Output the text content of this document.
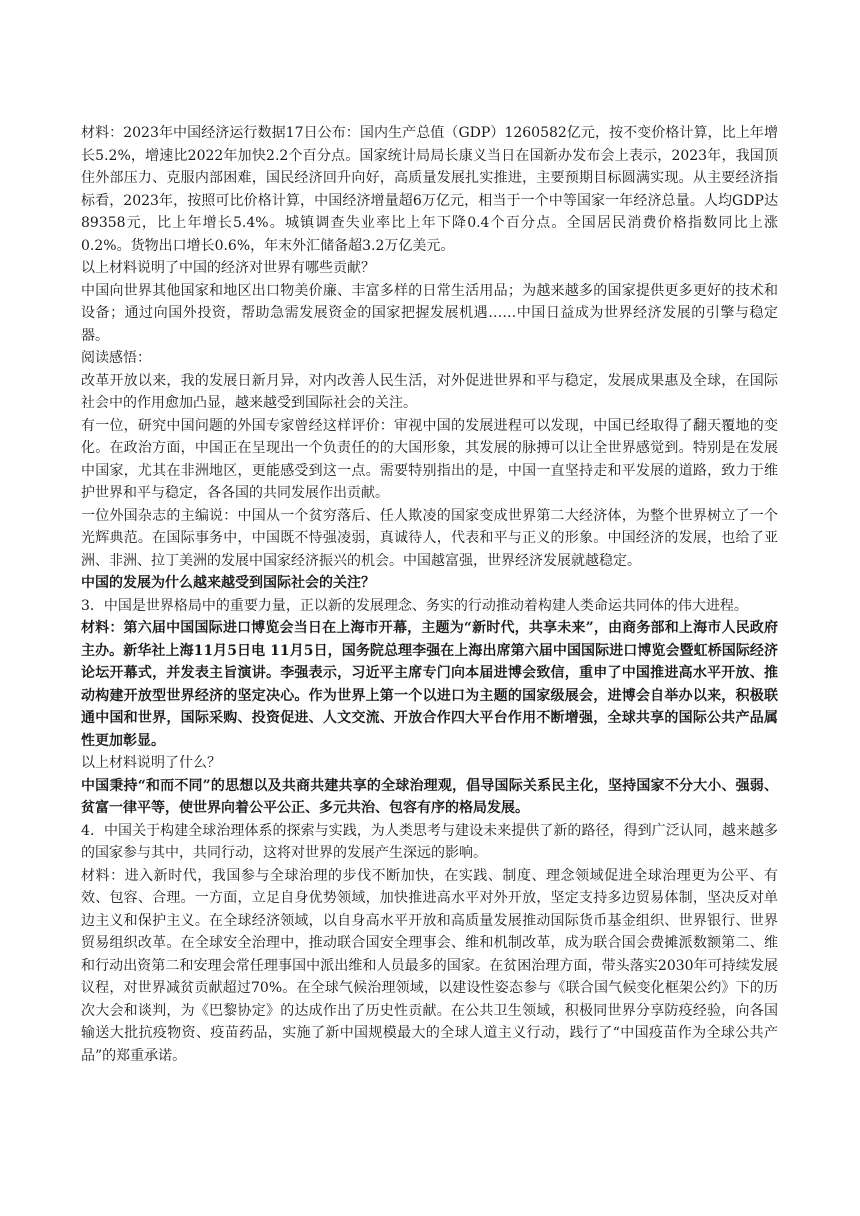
材料：2023年中国经济运行数据17日公布：国内生产总值（GDP）1260582亿元，按不变价格计算，比上年增长5.2%，增速比2022年加快2.2个百分点。国家统计局局长康义当日在国新办发布会上表示，2023年，我国顶住外部压力、克服内部困难，国民经济回升向好，高质量发展扎实推进，主要预期目标圆满实现。从主要经济指标看，2023年，按照可比价格计算，中国经济增量超6万亿元，相当于一个中等国家一年经济总量。人均GDP达89358元，比上年增长5.4%。城镇调查失业率比上年下降0.4个百分点。全国居民消费价格指数同比上涨0.2%。货物出口增长0.6%，年末外汇储备超3.2万亿美元。

以上材料说明了中国的经济对世界有哪些贡献？

中国向世界其他国家和地区出口物美价廉、丰富多样的日常生活用品；为越来越多的国家提供更多更好的技术和设备；通过向国外投资，帮助急需发展资金的国家把握发展机遇……中国日益成为世界经济发展的引擎与稳定器。

阅读感悟：

改革开放以来，我的发展日新月异，对内改善人民生活，对外促进世界和平与稳定，发展成果惠及全球，在国际社会中的作用愈加凸显，越来越受到国际社会的关注。

有一位，研究中国问题的外国专家曾经这样评价：审视中国的发展进程可以发现，中国已经取得了翻天覆地的变化。在政治方面，中国正在呈现出一个负责任的的大国形象，其发展的脉搏可以让全世界感觉到。特别是在发展中国家，尤其在非洲地区，更能感受到这一点。需要特别指出的是，中国一直坚持走和平发展的道路，致力于维护世界和平与稳定，各各国的共同发展作出贡献。

一位外国杂志的主编说：中国从一个贫穷落后、任人欺凌的国家变成世界第二大经济体，为整个世界树立了一个光辉典范。在国际事务中，中国既不恃强凌弱，真诚待人，代表和平与正义的形象。中国经济的发展，也给了亚洲、非洲、拉丁美洲的发展中国家经济振兴的机会。中国越富强，世界经济发展就越稳定。

中国的发展为什么越来越受到国际社会的关注？

3．中国是世界格局中的重要力量，正以新的发展理念、务实的行动推动着构建人类命运共同体的伟大进程。

材料：第六届中国国际进口博览会当日在上海市开幕，主题为“新时代，共享未来”，由商务部和上海市人民政府主办。新华社上海11月5日电 11月5日，国务院总理李强在上海出席第六届中国国际进口博览会暨虹桥国际经济论坛开幕式，并发表主旨演讲。李强表示，习近平主席专门向本届进博会致信，重申了中国推进高水平开放、推动构建开放型世界经济的坚定决心。作为世界上第一个以进口为主题的国家级展会，进博会自举办以来，积极联通中国和世界，国际采购、投资促进、人文交流、开放合作四大平台作用不断增强，全球共享的国际公共产品属性更加彰显。

以上材料说明了什么？

中国秉持“和而不同”的思想以及共商共建共享的全球治理观，倡导国际关系民主化，坚持国家不分大小、强弱、贫富一律平等，使世界向着公平公正、多元共治、包容有序的格局发展。

4．中国关于构建全球治理体系的探索与实践，为人类思考与建设未来提供了新的路径，得到广泛认同，越来越多的国家参与其中，共同行动，这将对世界的发展产生深远的影响。

材料：进入新时代，我国参与全球治理的步伐不断加快，在实践、制度、理念领域促进全球治理更为公平、有效、包容、合理。一方面，立足自身优势领域，加快推进高水平对外开放，坚定支持多边贸易体制，坚决反对单边主义和保护主义。在全球经济领域，以自身高水平开放和高质量发展推动国际货币基金组织、世界银行、世界贸易组织改革。在全球安全治理中，推动联合国安全理事会、维和机制改革，成为联合国会费摊派数额第二、维和行动出资第二和安理会常任理事国中派出维和人员最多的国家。在贫困治理方面，带头落实2030年可持续发展议程，对世界减贫贡献超过70%。在全球气候治理领域，以建设性姿态参与《联合国气候变化框架公约》下的历次大会和谈判，为《巴黎协定》的达成作出了历史性贡献。在公共卫生领域，积极同世界分享防疫经验，向各国输送大批抗疫物资、疫苗药品，实施了新中国规模最大的全球人道主义行动，践行了“中国疫苗作为全球公共产品”的郑重承诺。
